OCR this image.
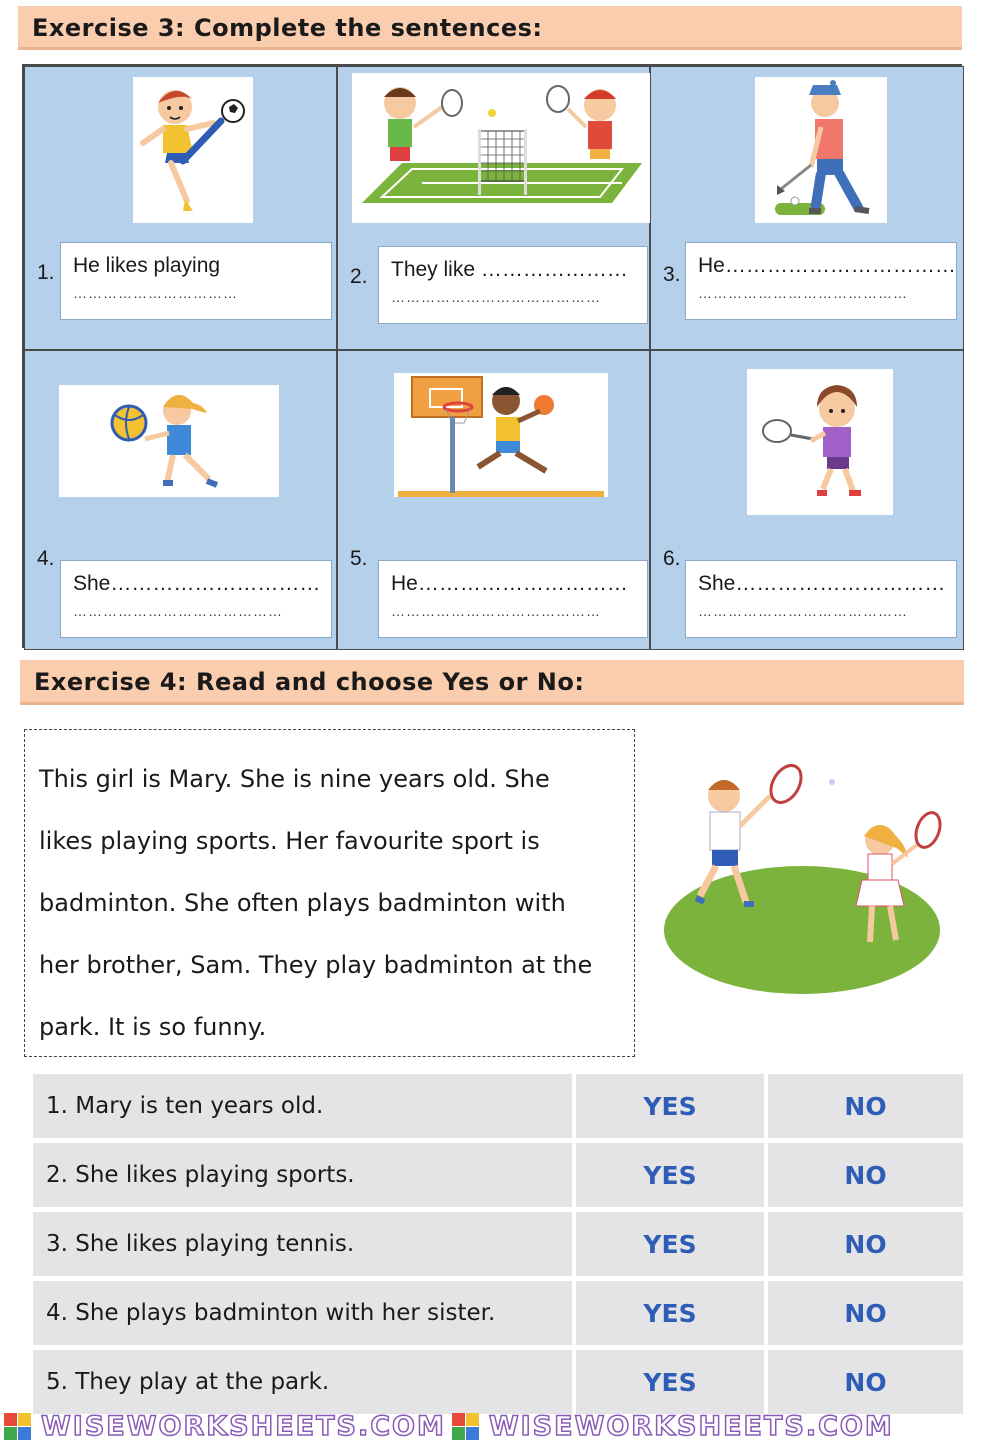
Exercise 3: Complete the sentences:
1. He likes playing
……………………………
2. They like …………………
……………………………………
3. He……………………………
……………………………………
4.
She…………………………
……………………………………
5.
He…………………………
……………………………………
6.
She…………………………
……………………………………
Exercise 4: Read and choose Yes or No:

This girl is Mary. She is nine years old. She

likes playing sports. Her favourite sport is

badminton. She often plays badminton with

her brother, Sam. They play badminton at the

park. It is so funny.

1. Mary is ten years old.	YES	NO
2. She likes playing sports.	YES	NO
3. She likes playing tennis.	YES	NO
4. She plays badminton with her sister.	YES	NO
5. They play at the park.	YES	NO
WISEWORKSHEETS.COM WISEWORKSHEETS.COM
